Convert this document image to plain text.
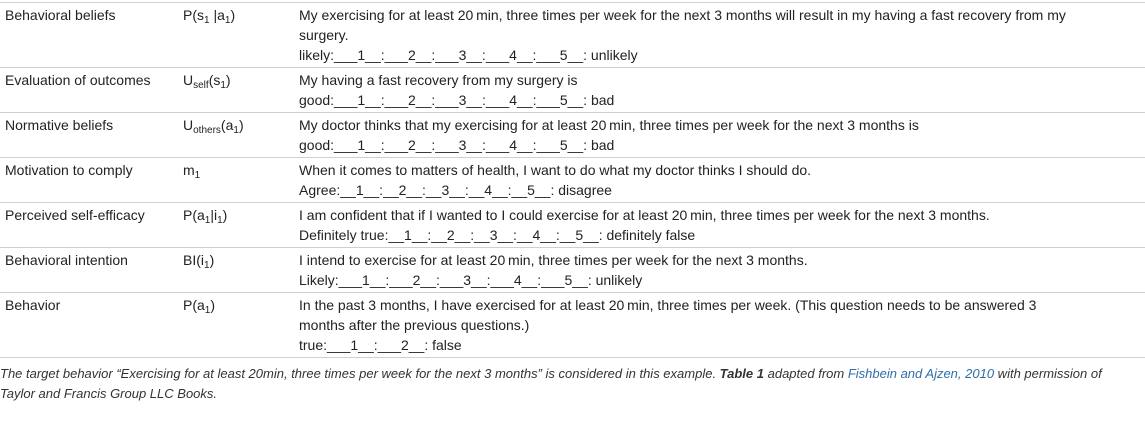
Behavioral beliefs	$P(s_1$ $|a_1$)	My exercising for at least 20 min, three times per week for the next 3 months will result in my having a fast recovery from my
surgery.
likely:___1__:___2__:___3__:___4__:___5__: unlikely

Evaluation of outcomes	$U_{self}(s_1)$	My having a fast recovery from my surgery is
good:___1__:___2__:___3__:___4__:___5__: bad

Normative beliefs	$U_{others}(a_1)$	My doctor thinks that my exercising for at least 20 min, three times per week for the next 3 months is
good:___1__:___2__:___3__:___4__:___5__: bad

Motivation to comply	$m_1$	When it comes to matters of health, I want to do what my doctor thinks I should do.
Agree:__1__:__2__:__3__:__4__:__5__: disagree

Perceived self-efficacy	$P(a_1|i_1)$	I am confident that if I wanted to I could exercise for at least 20 min, three times per week for the next 3 months.
Definitely true:__1__:__2__:__3__:__4__:__5__: definitely false

Behavioral intention	$BI(i_1)$	I intend to exercise for at least 20 min, three times per week for the next 3 months.
Likely:___1__:___2__:___3__:___4__:___5__: unlikely

Behavior	$P(a_1)$	In the past 3 months, I have exercised for at least 20 min, three times per week. (This question needs to be answered 3
months after the previous questions.)
true:___1__:___2__: false
The target behavior “Exercising for at least 20min, three times per week for the next 3 months” is considered in this example. Table 1 adapted from Fishbein and Ajzen, 2010 with permission of Taylor and Francis Group LLC Books.
